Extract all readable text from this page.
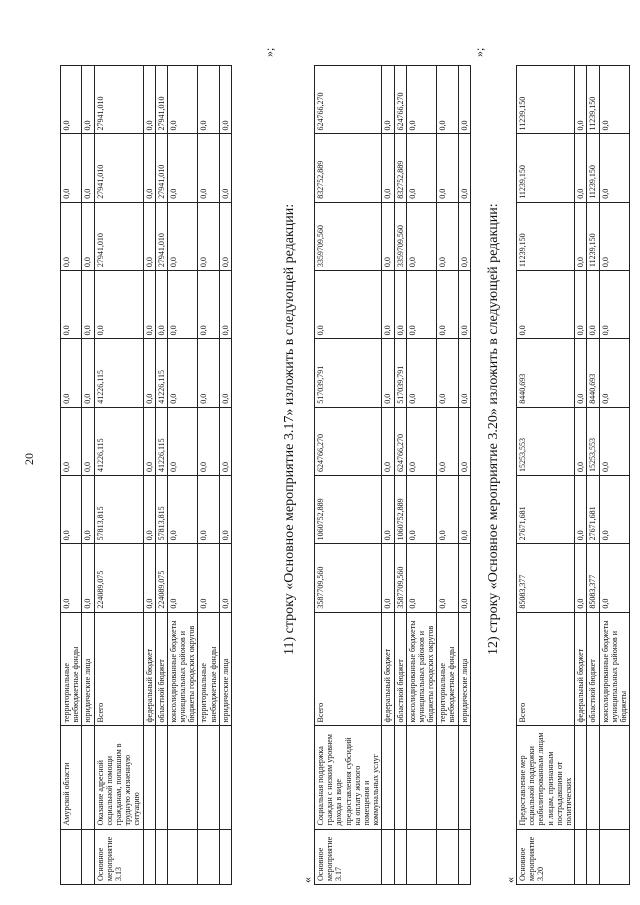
20
	Амурской области	территориальные внебюджетные фонды	0,0	0,0	0,0	0,0	0,0	0,0	0,0	0,0
		юридические лица	0,0	0,0	0,0	0,0	0,0	0,0	0,0	0,0
Основное мероприятие 3.13	Оказание адресной социальной помощи гражданам, попавшим в трудную жизненную ситуацию	Всего	224089,075	57813,815	41226,115	41226,115	0,0	27941,010	27941,010	27941,010
		федеральный бюджет	0,0	0,0	0,0	0,0	0,0	0,0	0,0	0,0
		областной бюджет	224089,075	57813,815	41226,115	41226,115	0,0	27941,010	27941,010	27941,010
		консолидированные бюджеты муниципальных районов и бюджеты городских округов	0,0	0,0	0,0	0,0	0,0	0,0	0,0	0,0
		территориальные внебюджетные фонды	0,0	0,0	0,0	0,0	0,0	0,0	0,0	0,0
		юридические лица	0,0	0,0	0,0	0,0	0,0	0,0	0,0	0,0
»;
11) строку «Основное мероприятие 3.17» изложить в следующей редакции:
« Основное мероприятие 3.17	Социальная поддержка граждан с низким уровнем дохода в виде предоставления субсидий на оплату жилого помещения и коммунальных услуг	Всего	3587709,560	1060752,889	624766,270	517039,791	0,0	3359709,560	832752,889	624766,270
		федеральный бюджет	0,0	0,0	0,0	0,0	0,0	0,0	0,0	0,0
		областной бюджет	3587709,560	1060752,889	624766,270	517039,791	0,0	3359709,560	832752,889	624766,270
		консолидированные бюджеты муниципальных районов и бюджеты городских округов	0,0	0,0	0,0	0,0	0,0	0,0	0,0	0,0
		территориальные внебюджетные фонды	0,0	0,0	0,0	0,0	0,0	0,0	0,0	0,0
		юридические лица	0,0	0,0	0,0	0,0	0,0	0,0	0,0	0,0
»;
12) строку «Основное мероприятие 3.20» изложить в следующей редакции:
« Основное мероприятие 3.20	Предоставление мер социальной поддержки реабилитированным лицам и лицам, признанным пострадавшими от политических	Всего	85083,377	27671,681	15253,553	8440,693	0,0	11239,150	11239,150	11239,150
		федеральный бюджет	0,0	0,0	0,0	0,0	0,0	0,0	0,0	0,0
		областной бюджет	85083,377	27671,681	15253,553	8440,693	0,0	11239,150	11239,150	11239,150
		консолидированные бюджеты муниципальных районов и бюджеты	0,0	0,0	0,0	0,0	0,0	0,0	0,0	0,0
